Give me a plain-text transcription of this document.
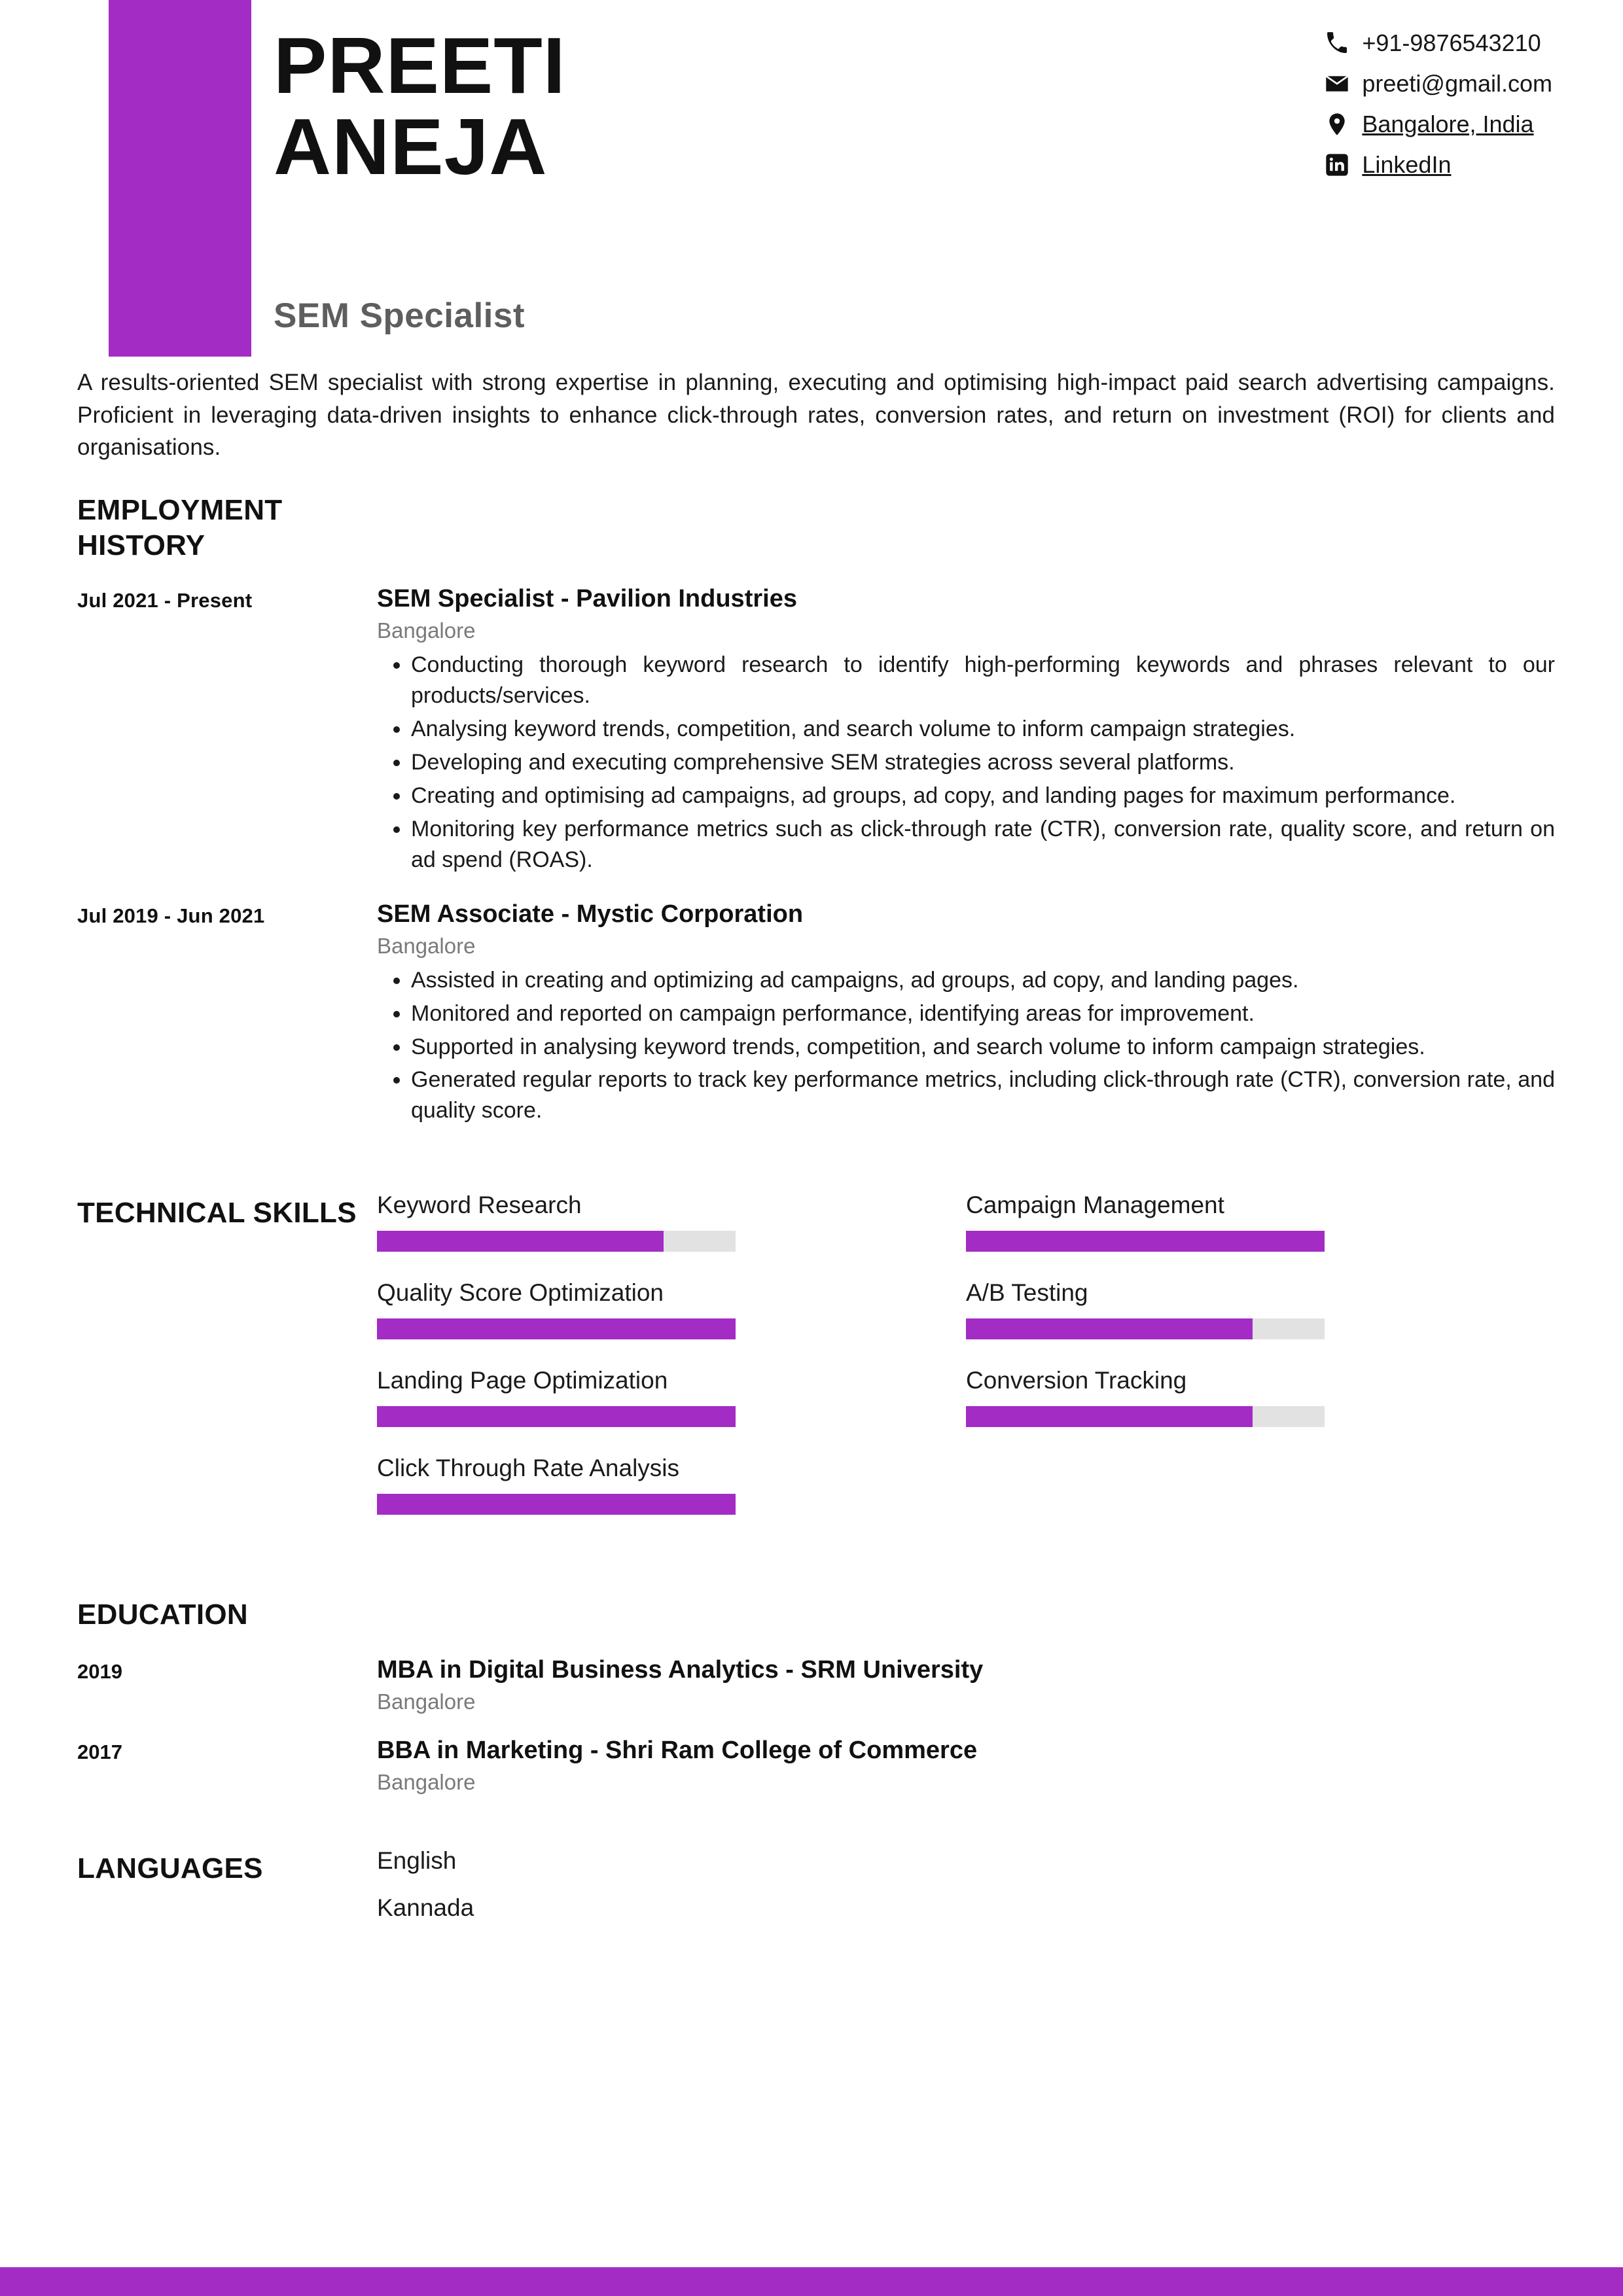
PREETI
ANEJA
SEM Specialist
+91-9876543210
preeti@gmail.com
Bangalore, India
LinkedIn
A results-oriented SEM specialist with strong expertise in planning, executing and optimising high-impact paid search advertising campaigns. Proficient in leveraging data-driven insights to enhance click-through rates, conversion rates, and return on investment (ROI) for clients and organisations.
EMPLOYMENT
HISTORY
Jul 2021 - Present	SEM Specialist - Pavilion Industries
Bangalore
• Conducting thorough keyword research to identify high-performing keywords and phrases relevant to our products/services.
• Analysing keyword trends, competition, and search volume to inform campaign strategies.
• Developing and executing comprehensive SEM strategies across several platforms.
• Creating and optimising ad campaigns, ad groups, ad copy, and landing pages for maximum performance.
• Monitoring key performance metrics such as click-through rate (CTR), conversion rate, quality score, and return on ad spend (ROAS).
Jul 2019 - Jun 2021	SEM Associate - Mystic Corporation
Bangalore
• Assisted in creating and optimizing ad campaigns, ad groups, ad copy, and landing pages.
• Monitored and reported on campaign performance, identifying areas for improvement.
• Supported in analysing keyword trends, competition, and search volume to inform campaign strategies.
• Generated regular reports to track key performance metrics, including click-through rate (CTR), conversion rate, and quality score.
TECHNICAL SKILLS Keyword Research	Campaign Management
Quality Score Optimization	A/B Testing
Landing Page Optimization	Conversion Tracking
Click Through Rate Analysis
EDUCATION
2019	MBA in Digital Business Analytics - SRM University
Bangalore
2017	BBA in Marketing - Shri Ram College of Commerce
Bangalore
LANGUAGES	English
Kannada
